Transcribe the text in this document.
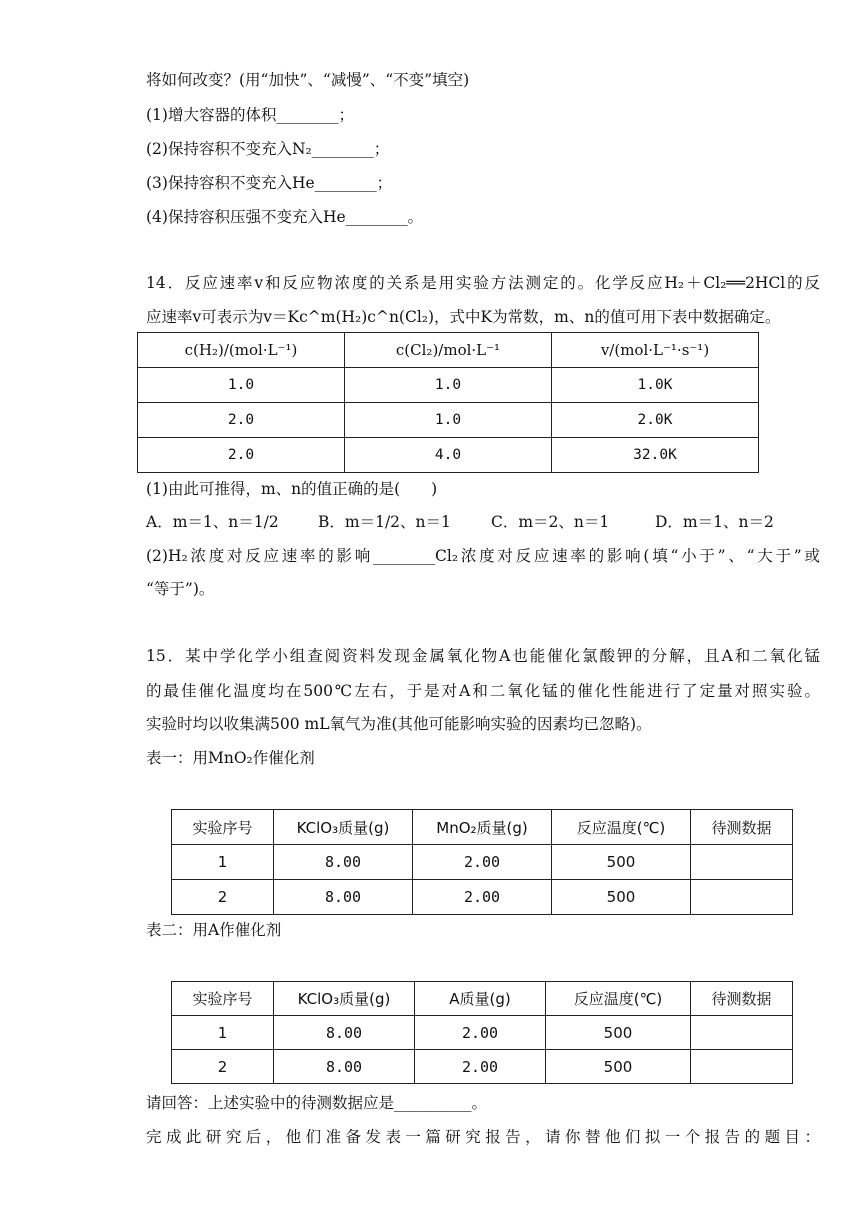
将如何改变？(用“加快”、“减慢”、“不变”填空)
(1)增大容器的体积________；
(2)保持容积不变充入N₂________；
(3)保持容积不变充入He________；
(4)保持容积压强不变充入He________。
14．反应速率v和反应物浓度的关系是用实验方法测定的。化学反应H₂＋Cl₂══2HCl的反
应速率v可表示为v＝Kc^m(H₂)c^n(Cl₂)，式中K为常数，m、n的值可用下表中数据确定。
c(H₂)/(mol·L⁻¹)	c(Cl₂)/mol·L⁻¹	v/(mol·L⁻¹·s⁻¹)
1.0	1.0	1.0K
2.0	1.0	2.0K
2.0	4.0	32.0K
(1)由此可推得，m、n的值正确的是(　　)
A．m＝1、n＝1/2	B．m＝1/2、n＝1	C．m＝2、n＝1	D．m＝1、n＝2
(2)H₂浓度对反应速率的影响________Cl₂浓度对反应速率的影响(填“小于”、“大于”或
“等于”)。
15．某中学化学小组查阅资料发现金属氧化物A也能催化氯酸钾的分解，且A和二氧化锰
的最佳催化温度均在500℃左右，于是对A和二氧化锰的催化性能进行了定量对照实验。
实验时均以收集满500 mL氧气为准(其他可能影响实验的因素均已忽略)。
表一：用MnO₂作催化剂
实验序号	KClO₃质量(g)	MnO₂质量(g)	反应温度(℃)	待测数据
1	8.00	2.00	500	
2	8.00	2.00	500	
表二：用A作催化剂
实验序号	KClO₃质量(g)	A质量(g)	反应温度(℃)	待测数据
1	8.00	2.00	500	
2	8.00	2.00	500	
请回答：上述实验中的待测数据应是__________。
完成此研究后，他们准备发表一篇研究报告，请你替他们拟一个报告的题目：
